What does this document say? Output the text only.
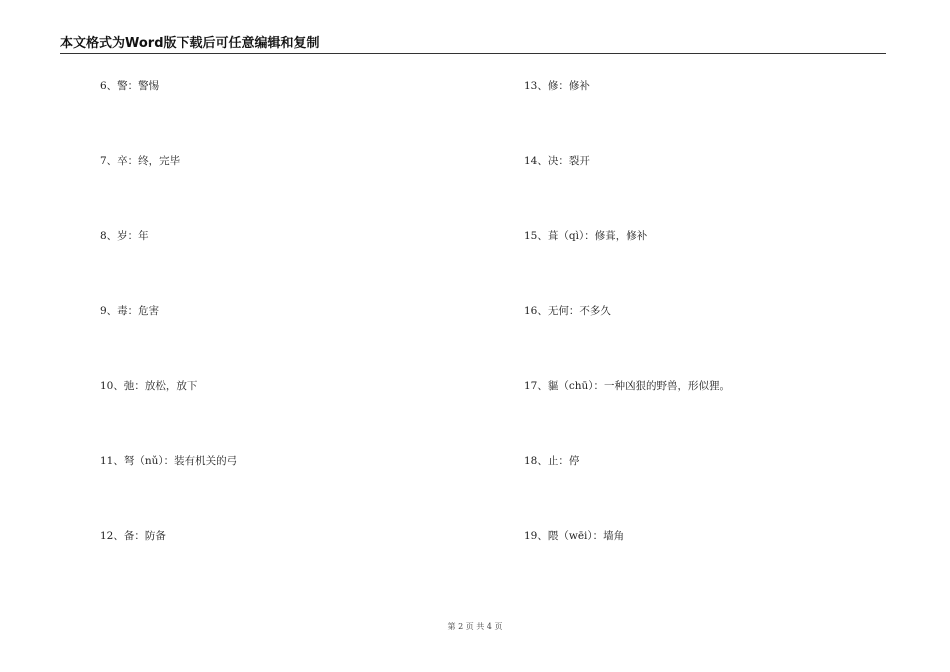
本文格式为Word版下载后可任意编辑和复制
6、警：警惕
7、卒：终，完毕
8、岁：年
9、毒：危害
10、弛：放松，放下
11、弩（nǔ）：装有机关的弓
12、备：防备
13、修：修补
14、决：裂开
15、葺（qì）：修葺，修补
16、无何：不多久
17、貙（chū）：一种凶狠的野兽，形似狸。
18、止：停
19、隈（wēi）：墙角
第 2 页 共 4 页
